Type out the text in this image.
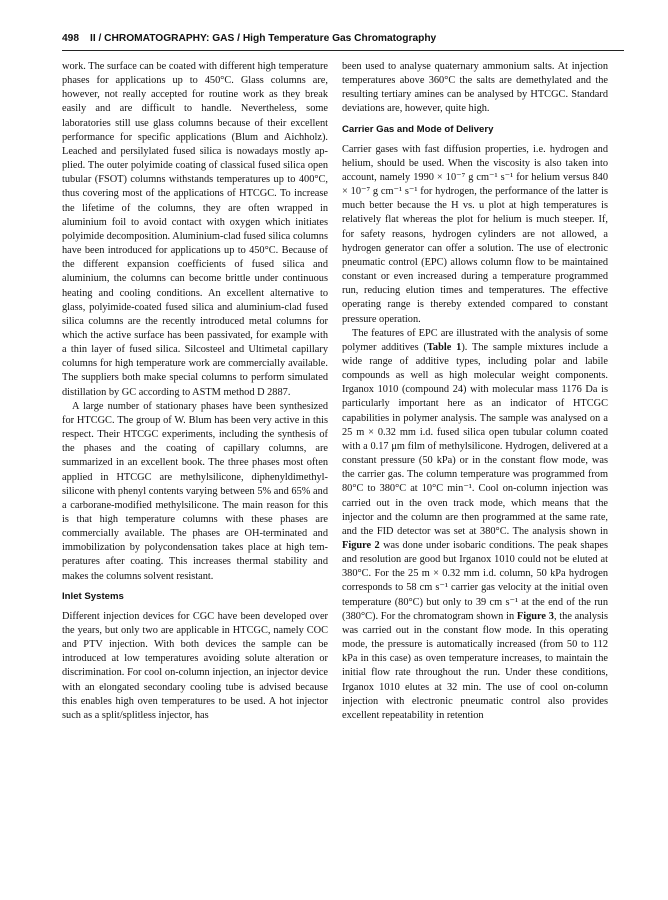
498 II / CHROMATOGRAPHY: GAS / High Temperature Gas Chromatography

work. The surface can be coated with different high temperature phases for applications up to 450°C. Glass columns are, however, not really accepted for routine work as they break easily and are difficult to handle. Nevertheless, some laboratories still use glass columns because of their excellent performance for specific applications (Blum and Aichholz). Leached and persilylated fused silica is nowadays mostly applied. The outer polyimide coating of classical fused silica open tubular (FSOT) columns withstands temperatures up to 400°C, thus covering most of the applications of HTCGC. To increase the lifetime of the columns, they are often wrapped in aluminium foil to avoid contact with oxygen which initiates polyimide decomposition. Aluminium-clad fused silica columns have been introduced for applications up to 450°C. Because of the different expansion coefficients of fused silica and aluminium, the columns can become brittle under continuous heating and cooling conditions. An excellent alternative to glass, polyimide-coated fused silica and aluminium-clad fused silica columns are the recently introduced metal columns for which the active surface has been passivated, for example with a thin layer of fused silica. Silcosteel and Ultimetal capillary columns for high temperature work are commercially available. The suppliers both make special columns to perform simulated distillation by GC according to ASTM method D 2887.

A large number of stationary phases have been synthesized for HTCGC. The group of W. Blum has been very active in this respect. Their HTCGC experiments, including the synthesis of the phases and the coating of capillary columns, are summarized in an excellent book. The three phases most often applied in HTCGC are methylsilicone, diphenyldimethylsilicone with phenyl contents varying between 5% and 65% and a carborane-modified methylsilicone. The main reason for this is that high temperature columns with these phases are commercially available. The phases are OH-terminated and immobilization by polycondensation takes place at high temperatures after coating. This increases thermal stability and makes the columns solvent resistant.

Inlet Systems

Different injection devices for CGC have been developed over the years, but only two are applicable in HTCGC, namely COC and PTV injection. With both devices the sample can be introduced at low temperatures avoiding solute alteration or discrimination. For cool on-column injection, an injector device with an elongated secondary cooling tube is advised because this enables high oven temperatures to be used. A hot injector such as a split/splitless injector, has

been used to analyse quaternary ammonium salts. At injection temperatures above 360°C the salts are demethylated and the resulting tertiary amines can be analysed by HTCGC. Standard deviations are, however, quite high.

Carrier Gas and Mode of Delivery

Carrier gases with fast diffusion properties, i.e. hydrogen and helium, should be used. When the viscosity is also taken into account, namely 1990 × 10⁻⁷ g cm⁻¹ s⁻¹ for helium versus 840 × 10⁻⁷ g cm⁻¹ s⁻¹ for hydrogen, the performance of the latter is much better because the H vs. u plot at high temperatures is relatively flat whereas the plot for helium is much steeper. If, for safety reasons, hydrogen cylinders are not allowed, a hydrogen generator can offer a solution. The use of electronic pneumatic control (EPC) allows column flow to be maintained constant or even increased during a temperature programmed run, reducing elution times and temperatures. The effective operating range is thereby extended compared to constant pressure operation.

The features of EPC are illustrated with the analysis of some polymer additives (Table 1). The sample mixtures include a wide range of additive types, including polar and labile compounds as well as high molecular weight components. Irganox 1010 (compound 24) with molecular mass 1176 Da is particularly important here as an indicator of HTCGC capabilities in polymer analysis. The sample was analysed on a 25 m × 0.32 mm i.d. fused silica open tubular column coated with a 0.17 μm film of methylsilicone. Hydrogen, delivered at a constant pressure (50 kPa) or in the constant flow mode, was the carrier gas. The column temperature was programmed from 80°C to 380°C at 10°C min⁻¹. Cool on-column injection was carried out in the oven track mode, which means that the injector and the column are then programmed at the same rate, and the FID detector was set at 380°C. The analysis shown in Figure 2 was done under isobaric conditions. The peak shapes and resolution are good but Irganox 1010 could not be eluted at 380°C. For the 25 m × 0.32 mm i.d. column, 50 kPa hydrogen corresponds to 58 cm s⁻¹ carrier gas velocity at the initial oven temperature (80°C) but only to 39 cm s⁻¹ at the end of the run (380°C). For the chromatogram shown in Figure 3, the analysis was carried out in the constant flow mode. In this operating mode, the pressure is automatically increased (from 50 to 112 kPa in this case) as oven temperature increases, to maintain the initial flow rate throughout the run. Under these conditions, Irganox 1010 elutes at 32 min. The use of cool on-column injection with electronic pneumatic control also provides excellent repeatability in retention
